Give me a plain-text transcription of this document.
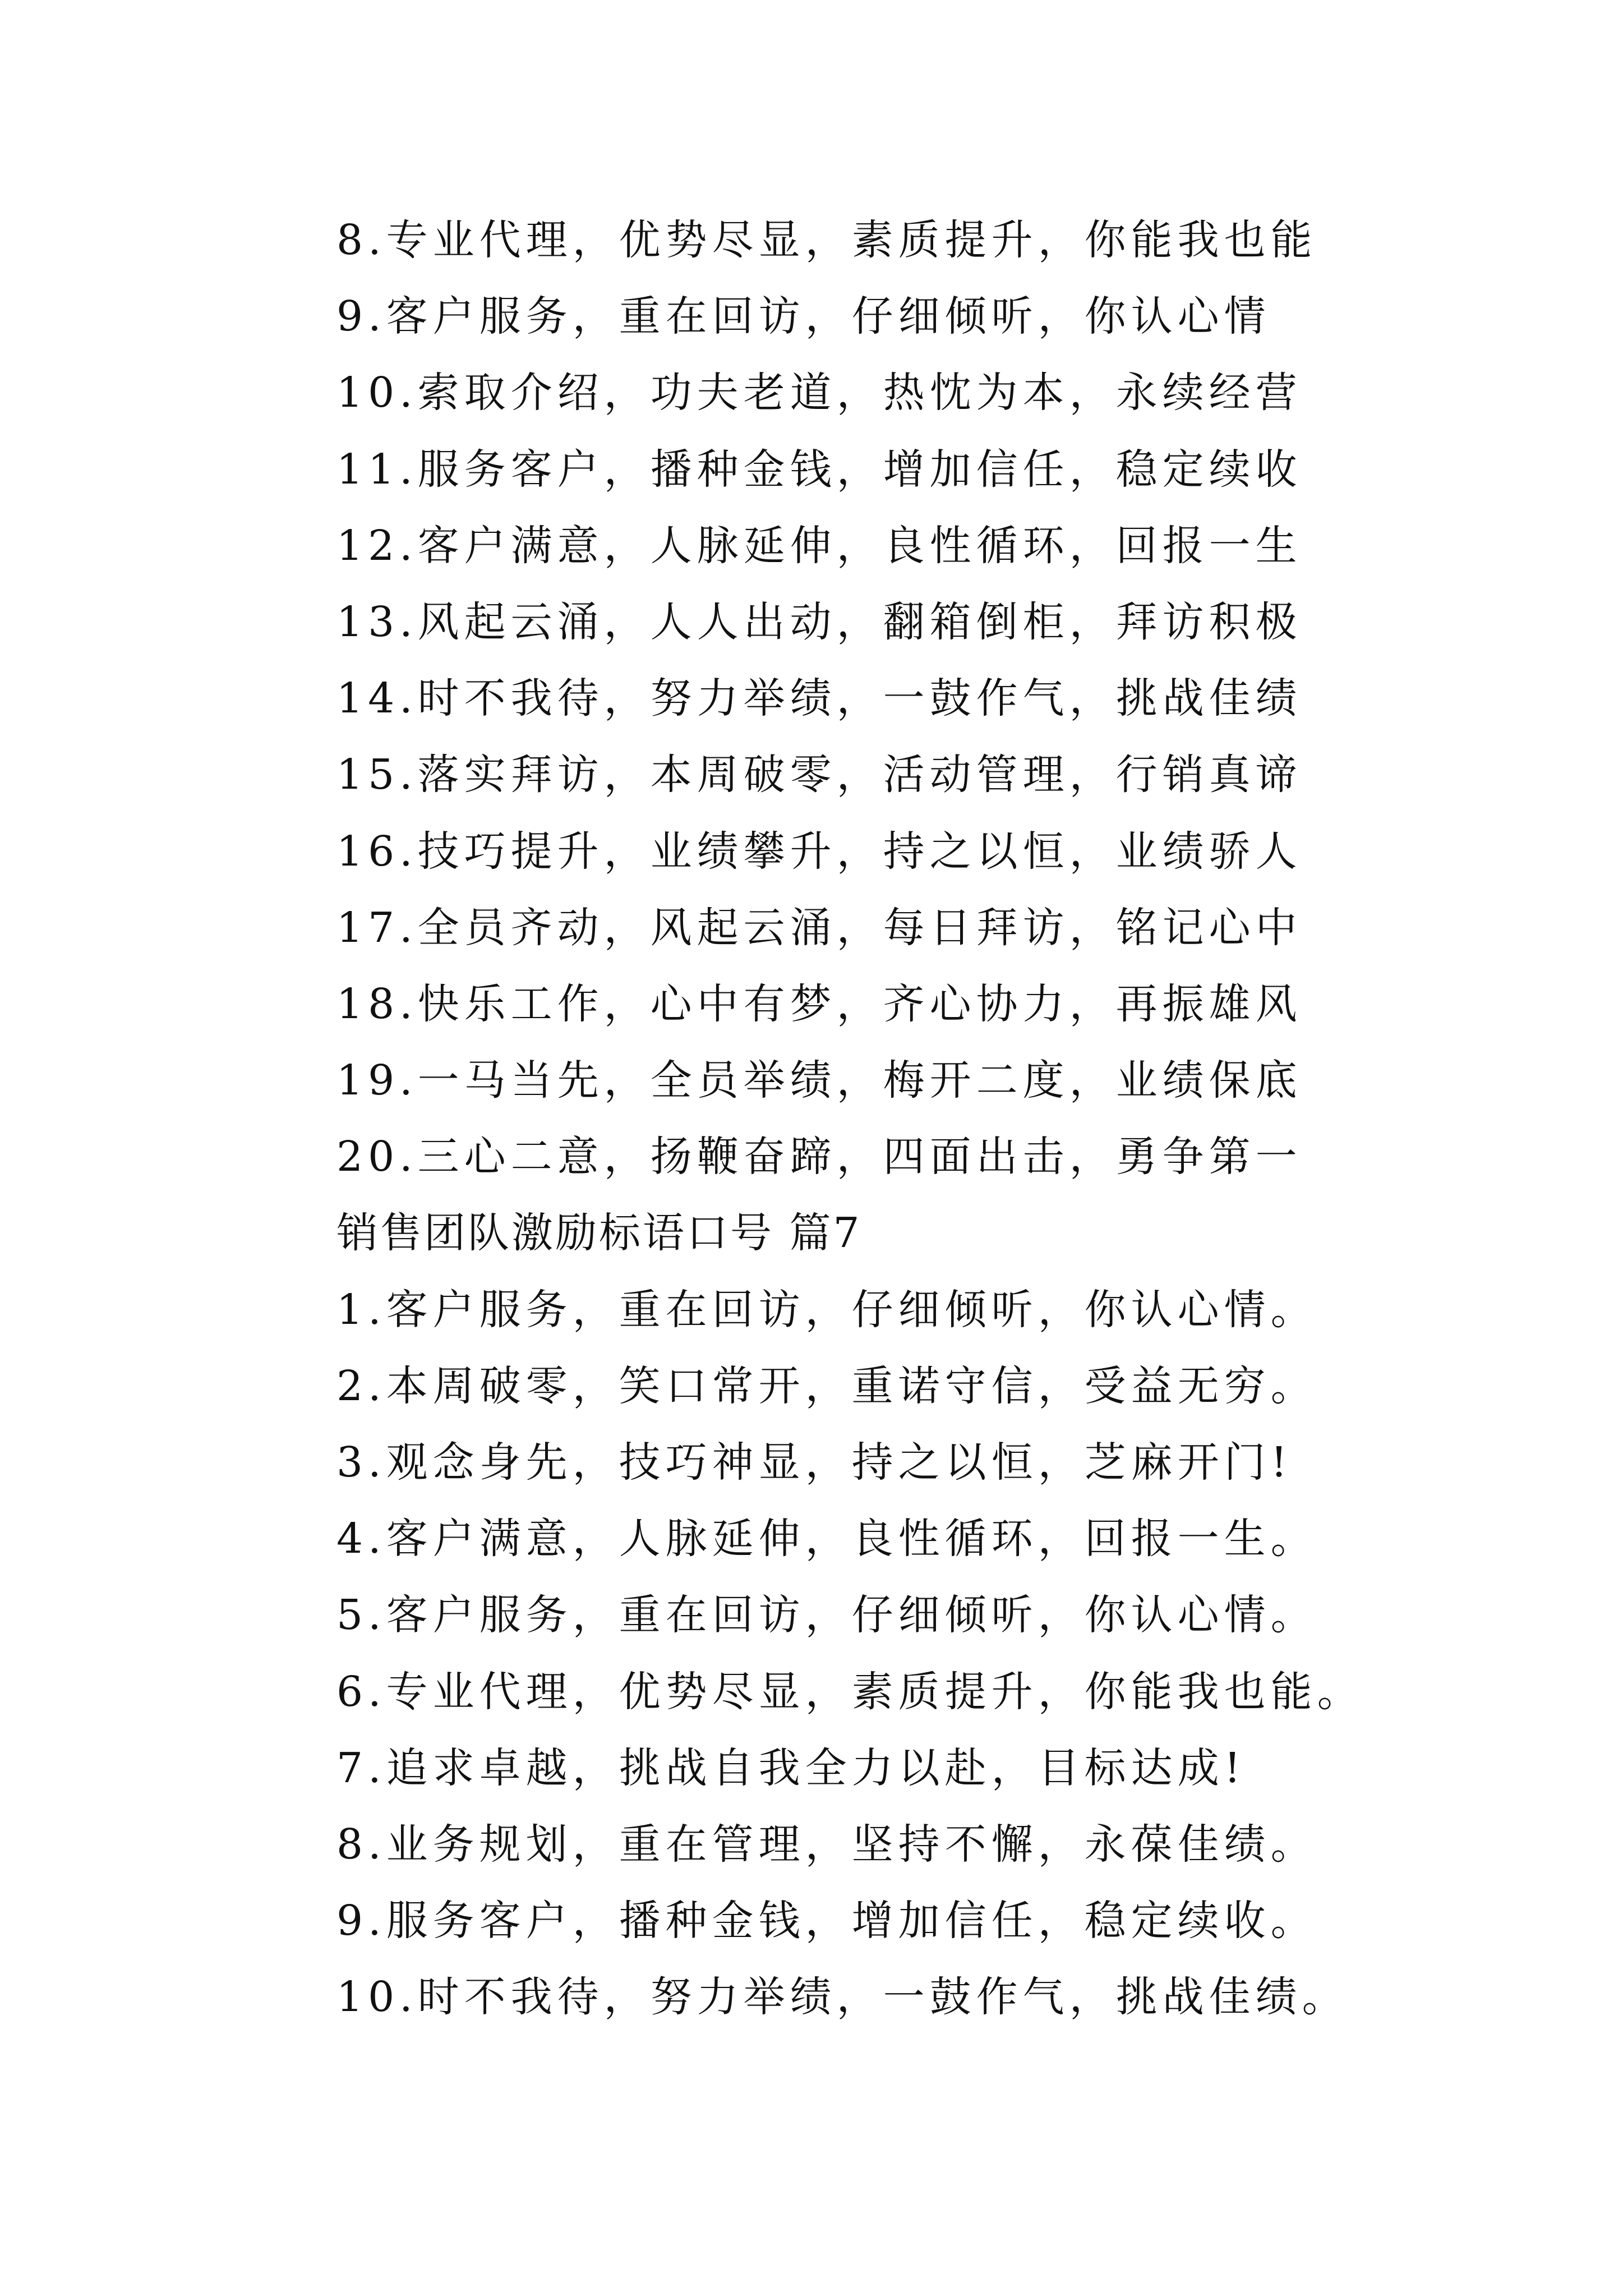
8.专业代理，优势尽显，素质提升，你能我也能
9.客户服务，重在回访，仔细倾听，你认心情
10.索取介绍，功夫老道，热忱为本，永续经营
11.服务客户，播种金钱，增加信任，稳定续收
12.客户满意，人脉延伸，良性循环，回报一生
13.风起云涌，人人出动，翻箱倒柜，拜访积极
14.时不我待，努力举绩，一鼓作气，挑战佳绩
15.落实拜访，本周破零，活动管理，行销真谛
16.技巧提升，业绩攀升，持之以恒，业绩骄人
17.全员齐动，风起云涌，每日拜访，铭记心中
18.快乐工作，心中有梦，齐心协力，再振雄风
19.一马当先，全员举绩，梅开二度，业绩保底
20.三心二意，扬鞭奋蹄，四面出击，勇争第一
销售团队激励标语口号 篇7
1.客户服务，重在回访，仔细倾听，你认心情。
2.本周破零，笑口常开，重诺守信，受益无穷。
3.观念身先，技巧神显，持之以恒，芝麻开门!
4.客户满意，人脉延伸，良性循环，回报一生。
5.客户服务，重在回访，仔细倾听，你认心情。
6.专业代理，优势尽显，素质提升，你能我也能。
7.追求卓越，挑战自我全力以赴，目标达成!
8.业务规划，重在管理，坚持不懈，永葆佳绩。
9.服务客户，播种金钱，增加信任，稳定续收。
10.时不我待，努力举绩，一鼓作气，挑战佳绩。
